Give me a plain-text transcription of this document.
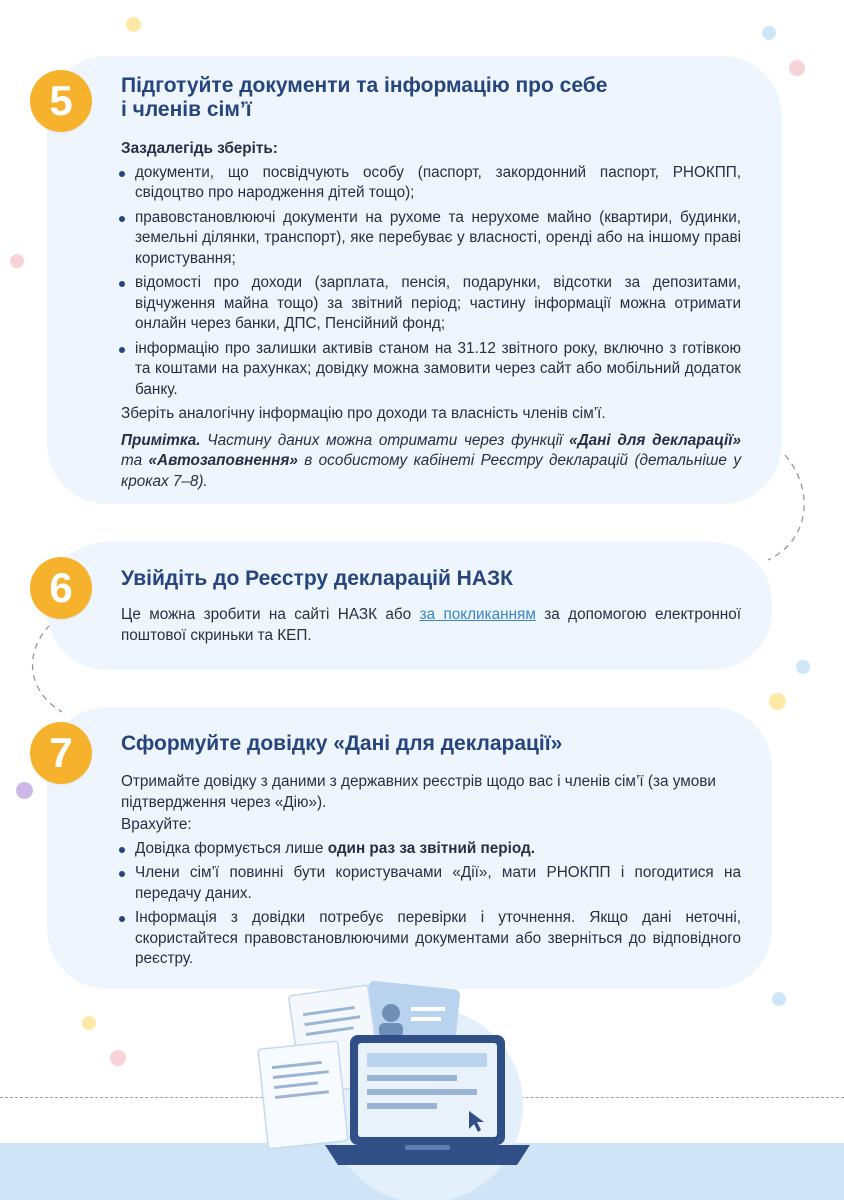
5	Підготуйте документи та інформацію про себе
і членів сім’ї
Заздалегідь зберіть:
документи, що посвідчують особу (паспорт, закордонний паспорт, РНОКПП, свідоцтво про народження дітей тощо);
правовстановлюючі документи на рухоме та нерухоме майно (квартири, будинки, земельні ділянки, транспорт), яке перебуває у власності, оренді або на іншому праві користування;
відомості про доходи (зарплата, пенсія, подарунки, відсотки за депозитами, відчуження майна тощо) за звітний період; частину інформації можна отримати онлайн через банки, ДПС, Пенсійний фонд;
інформацію про залишки активів станом на 31.12 звітного року, включно з готівкою та коштами на рахунках; довідку можна замовити через сайт або мобільний додаток банку.
Зберіть аналогічну інформацію про доходи та власність членів сім’ї.
Примітка. Частину даних можна отримати через функції «Дані для декларації» та «Автозаповнення» в особистому кабінеті Реєстру декларацій (детальніше у кроках 7–8).
6	Увійдіть до Реєстру декларацій НАЗК
Це можна зробити на сайті НАЗК або за покликанням за допомогою електронної поштової скриньки та КЕП.
7	Сформуйте довідку «Дані для декларації»
Отримайте довідку з даними з державних реєстрів щодо вас і членів сім’ї (за умови підтвердження через «Дію»).
Врахуйте:
Довідка формується лише один раз за звітний період.
Члени сім’ї повинні бути користувачами «Дії», мати РНОКПП і погодитися на передачу даних.
Інформація з довідки потребує перевірки і уточнення. Якщо дані неточні, скористайтеся правовстановлюючими документами або зверніться до відповідного реєстру.
